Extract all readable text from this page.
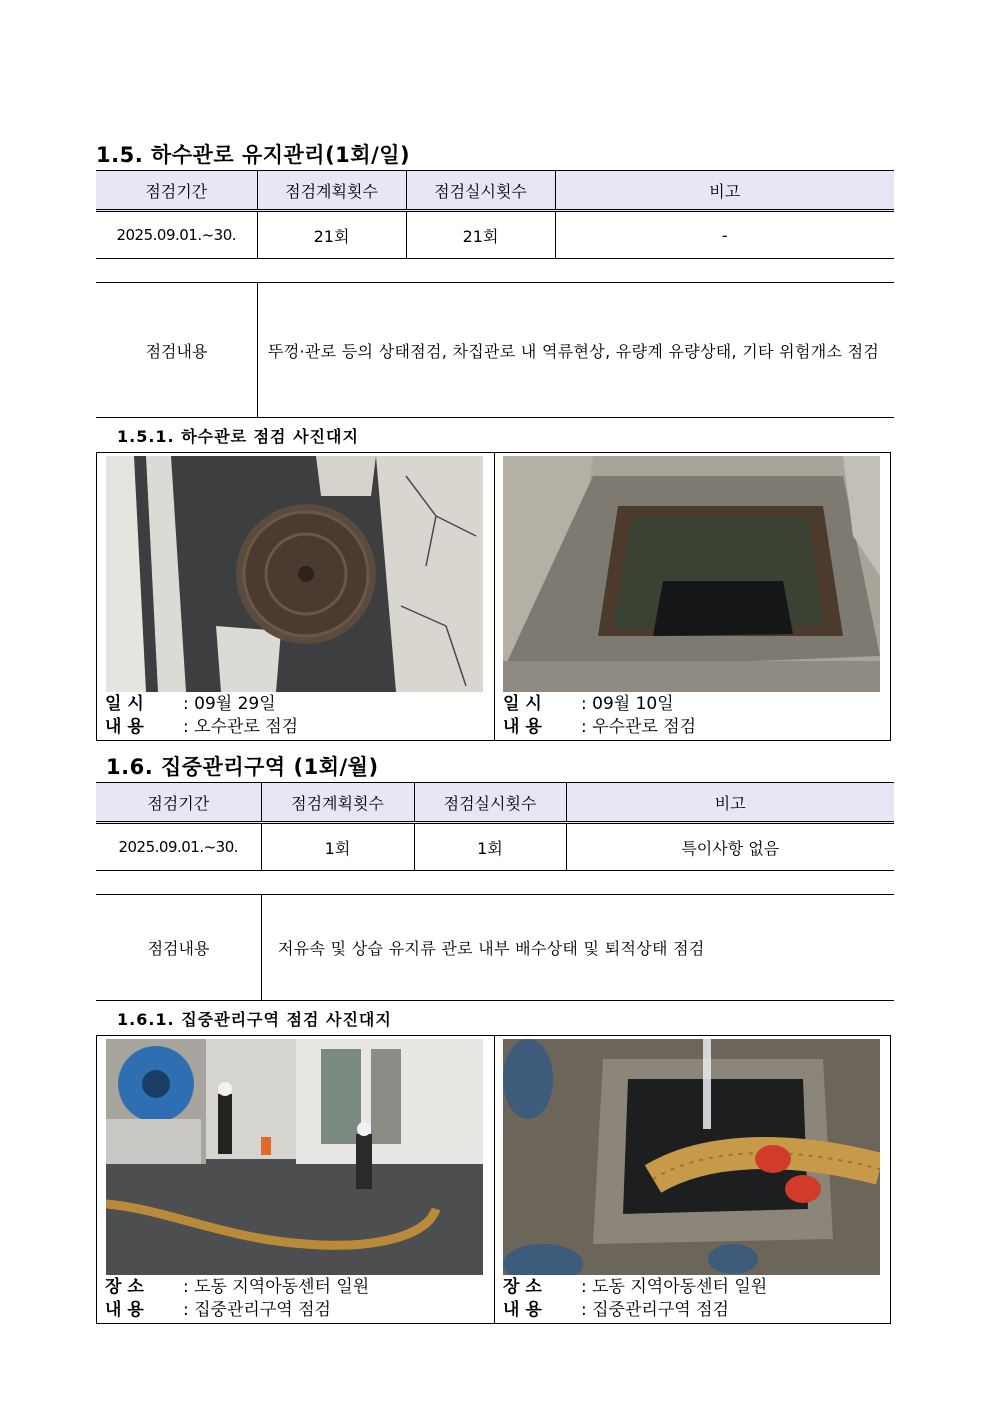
1.5. 하수관로 유지관리(1회/일)
점검기간	점검계획횟수	점검실시횟수	비고
2025.09.01.~30.	21회	21회	-
점검내용	뚜껑·관로 등의 상태점검, 차집관로 내 역류현상, 유량계 유량상태, 기타 위험개소 점검
1.5.1. 하수관로 점검 사진대지
일 시 : 09월 29일
내 용 : 오수관로 점검
일 시 : 09월 10일
내 용 : 우수관로 점검
1.6. 집중관리구역 (1회/월)
점검기간	점검계획횟수	점검실시횟수	비고
2025.09.01.~30.	1회	1회	특이사항 없음
점검내용	저유속 및 상습 유지류 관로 내부 배수상태 및 퇴적상태 점검
1.6.1. 집중관리구역 점검 사진대지
장 소 : 도동 지역아동센터 일원
내 용 : 집중관리구역 점검
장 소 : 도동 지역아동센터 일원
내 용 : 집중관리구역 점검
